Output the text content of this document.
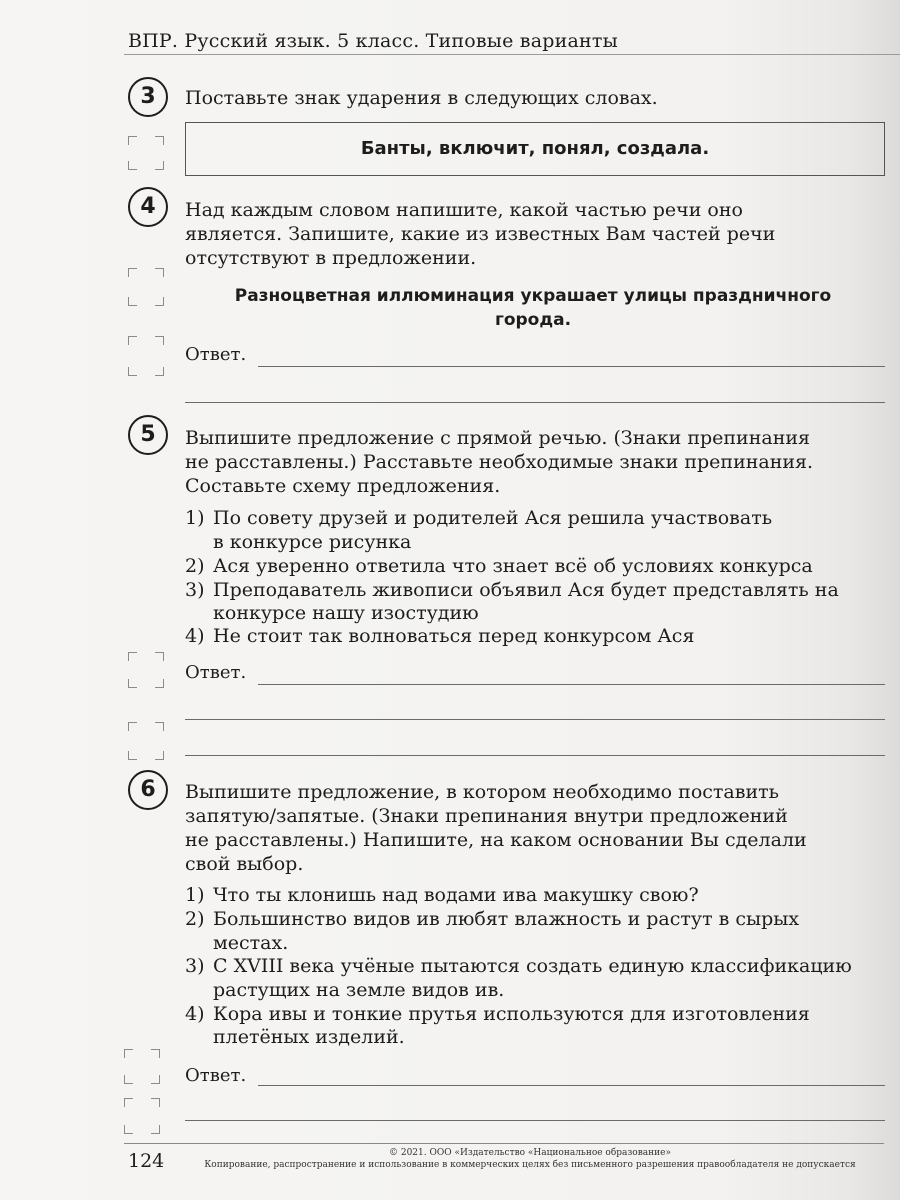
ВПР. Русский язык. 5 класс. Типовые варианты
3	Поставьте знак ударения в следующих словах.
Банты, включит, понял, создала.
4	Над каждым словом напишите, какой частью речи оно
является. Запишите, какие из известных Вам частей речи
отсутствуют в предложении.
Разноцветная иллюминация украшает улицы праздничного
города.
Ответ.
5	Выпишите предложение с прямой речью. (Знаки препинания
не расставлены.) Расставьте необходимые знаки препинания.
Составьте схему предложения.
1) По совету друзей и родителей Ася решила участвовать
в конкурсе рисунка
2) Ася уверенно ответила что знает всё об условиях конкурса
3) Преподаватель живописи объявил Ася будет представлять на
конкурсе нашу изостудию
4) Не стоит так волноваться перед конкурсом Ася
Ответ.
6	Выпишите предложение, в котором необходимо поставить
запятую/запятые. (Знаки препинания внутри предложений
не расставлены.) Напишите, на каком основании Вы сделали
свой выбор.
1) Что ты клонишь над водами ива макушку свою?
2) Большинство видов ив любят влажность и растут в сырых
местах.
3) С XVIII века учёные пытаются создать единую классификацию
растущих на земле видов ив.
4) Кора ивы и тонкие прутья используются для изготовления
плетёных изделий.
Ответ.
124	© 2021. ООО «Издательство «Национальное образование»
Копирование, распространение и использование в коммерческих целях без письменного разрешения правообладателя не допускается
